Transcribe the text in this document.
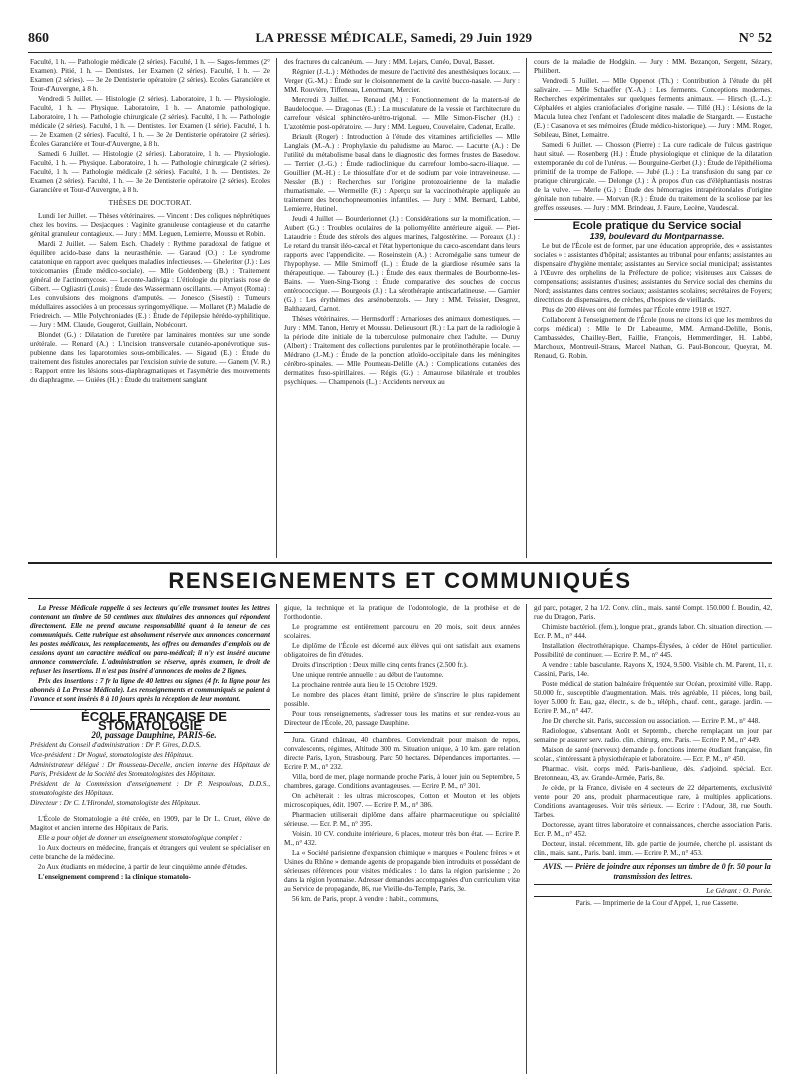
860	LA PRESSE MÉDICALE, Samedi, 29 Juin 1929	N° 52

Faculté, 1 h. — Pathologie médicale (2 séries). Faculté, 1 h. — Sages-femmes (2° Examen). Pitié, 1 h. — Dentistes. 1er Examen (2 séries). Faculté, 1 h. — 2e Examen (2 séries). — 3e 2e Dentisterie opératoire (2 séries). Ecoles Garancière et Tour-d'Auvergne, à 8 h.

Vendredi 5 Juillet. — Histologie (2 séries). Laboratoire, 1 h. — Physiologie. Faculté, 1 h. — Physique. Laboratoire, 1 h. — Anatomie pathologique. Laboratoire, 1 h. — Pathologie chirurgicale (2 séries). Faculté, 1 h. — Pathologie médicale (2 séries). Faculté, 1 h. — Dentistes. 1er Examen (1 série). Faculté, 1 h. — 2e Examen (2 séries). Faculté, 1 h. — 3e 2e Dentisterie opératoire (2 séries). Écoles Garancière et Tour-d'Auvergne, à 8 h.

Samedi 6 Juillet. — Histologie (2 séries). Laboratoire, 1 h. — Physiologie. Faculté, 1 h. — Physique. Laboratoire, 1 h. — Pathologie chirurgicale (2 séries). Faculté, 1 h. — Pathologie médicale (2 séries). Faculté, 1 h. — Dentistes. 2e Examen (2 séries). Faculté, 1 h. — 3e 2e Dentisterie opératoire (2 séries). Ecoles Garancière et Tour-d'Auvergne, à 8 h.

THÈSES DE DOCTORAT.

Lundi 1er Juillet. — Thèses vétérinaires. — Vincent : Des coliques néphrétiques chez les bovins. — Desjacques : Vaginite granuleuse contagieuse et du catarrhe génital granuleur contagieux. — Jury : MM. Leguen, Lemierre, Moussu et Robin.

Mardi 2 Juillet. — Salem Esch. Chadely : Rythme paradoxal de fatigue et équilibre acido-base dans la neurasthénie. — Garaud (O.) : Le syndrome catatonique en rapport avec quelques maladies infectieuses. — Gheleriter (J.) : Les toxicomanies (Étude médico-sociale). — Mlle Goldenberg (B.) : Traitement général de l'actinomycose. — Leconte-Jadiviga : L'étiologie du pityriasis rose de Gibert. — Ogliastri (Louis) : Étude des Wassermann oscillants. — Amyot (Roma) : Les convulsions des moignons d'amputés. — Jonesco (Sisesti) : Tumeurs médullaires associées à un processus syringomyélique. — Mollaret (P.) Maladie de Friedreich. — Mlle Polychroniades (E.) : Étude de l'épilepsie hérédo-syphilitique. — Jury : MM. Claude, Gougerot, Guillain, Nobécourt.

Blondet (G.) : Dilatation de l'uretère par laminaires montées sur une sonde urétérale. — Renard (A.) : L'incision transversale cutanéo-aponévrotique sus-pubienne dans les laparotomies sous-ombilicales. — Sigaud (E.) : Étude du traitement des fistules anorectales par l'excision suivie de suture. — Ganem (V. R.) : Rapport entre les lésions sous-diaphragmatiques et l'asymétrie des mouvements du diaphragme. — Guiées (H.) : Étude du traitement sanglant

des fractures du calcanéum. — Jury : MM. Lejars, Cunéo, Duval, Basset.

Régnier (J.-L.) : Méthodes de mesure de l'activité des anesthésiques locaux. — Verger (G.-M.) : Étude sur le cloisonnement de la cavité bucco-nasale. — Jury : MM. Rouvière, Tiffeneau, Lenormant, Mercier.

Mercredi 3 Juillet. — Renaud (M.) : Fonctionnement de la matern-té de Baudelocque. — Dragonas (E.) : La musculature de la vessie et l'architecture du carrefour vésical sphinctéro-urétro-trigonal. — Mlle Simon-Fischer (H.) : L'azotémie post-opératoire. — Jury : MM. Legueu, Couvelaire, Cadenat, Ecalle.

Briault (Roger) : Introduction à l'étude des vitamines artificielles — Mlle Langlais (M.-A.) : Prophylaxie du paludisme au Maroc. — Lacurte (A.) : De l'utilité du métabolisme basal dans le diagnostic des formes frustes de Basedow. — Terrier (J.-G.) : Étude radioclinique du carrefour lombo-sacro-iliaque. — Gouillier (M.-H.) : Le thiosulfate d'or et de sodium par voie intraveineuse. — Nessler (B.) : Recherches sur l'origine protozoairienne de la maladie rhumatismale. — Wermeille (F.) : Aperçu sur la vaccinothérapie appliquée au traitement des bronchopneumonies infantiles. — Jury : MM. Bernard, Labbé, Lemierre, Hutinel.

Jeudi 4 Juillet — Bourderionnet (J.) : Considérations sur la momification. — Aubert (G.) : Troubles oculaires de la poliomyélite antérieure aiguë. — Piet-Lataudrie : Étude des stérols des algues marines, l'algostérine. — Poreaux (J.) : Le retard du transit iléo-cæcal et l'état hypertonique du cæco-ascendant dans leurs rapports avec l'appendicite. — Roseinstein (A.) : Acromégalie sans tumeur de l'hypophyse. — Mlle Smirnoff (L.) : Étude de la giardiose résumée sans la thérapeutique. — Tabourey (L.) : Étude des eaux thermales de Bourbonne-les-Bains. — Yuen-Sing-Tsong : Étude comparative des souches de coccus entérococcique. — Bourgeois (J.) : La sérothérapie antiscarlatineuse. — Garnier (G.) : Les érythèmes des arsénobenzols. — Jury : MM. Teissier, Desgrez, Balthazard, Carnot.

Thèses vétérinaires. — Hermsdorff : Arnarioses des animaux domestiques. — Jury : MM. Tanon, Henry et Moussu. Delieusourt (R.) : La part de la radiologie à la période dite initiale de la tuberculose pulmonaire chez l'adulte. — Duruy (Albert) : Traitement des collections purulentes par le protéinothérapie locale. — Médrano (J.-M.) : Étude de la ponction atloïdo-occipitale dans les méningites cérébro-spinales. — Mlle Poumeau-Delille (A.) : Complications cutanées des dermatites fuso-spirillaires. — Régis (G.) : Amaurose bilatérale et troubles psychiques. — Champenois (L.) : Accidents nerveux au

cours de la maladie de Hodgkin. — Jury : MM. Bezançon, Sergent, Sézary, Philibert.

Vendredi 5 Juillet. — Mlle Oppenot (Th.) : Contribution à l'étude du pH salivaire. — Mlle Schaeffer (Y.-A.) : Les ferments. Conceptions modernes. Recherches expérimentales sur quelques ferments animaux. — Hirsch (L.-L.): Céphalées et algies craniofaciales d'origine nasale. — Tillé (H.) : Lésions de la Macula lutea chez l'enfant et l'adolescent dites maladie de Stargardt. — Eustache (E.) : Casanova et ses mémoires (Étude médico-historique). — Jury : MM. Roger, Sebileau, Binet, Lemaitre.

Samedi 6 Juillet. — Chosson (Pierre) : La cure radicale de l'ulcus gastrique haut situé. — Rosenberg (H.) : Étude physiologique et clinique de la dilatation extemporanée du col de l'utérus. — Bourguine-Gerbet (J.) : Étude de l'épithélioma primitif de la trompe de Fallope. — Jubé (L.) : La transfusion du sang par ce pratique chirurgicale. — Delonge (J.) : À propos d'un cas d'éléphantiasis nostras de la vulve. — Merle (G.) : Étude des hémorragies intrapéritonéales d'origine génitale non tubaire. — Morvan (R.) : Étude du traitement de la scoliose par les greffes osseuses. — Jury : MM. Brindeau, J. Faure, Lecène, Vaudescal.

Ecole pratique du Service social

139, boulevard du Montparnasse.

Le but de l'École est de former, par une éducation appropriée, des « assistantes sociales » : assistantes d'hôpital; assistantes au tribunal pour enfants; assistantes au dispensaire d'hygiène mentale; assistantes au Service social municipal; assistantes à l'Œuvre des orphelins de la Préfecture de police; visiteuses aux Caisses de compensations; assistantes d'usines; assistantes du Service social des chemins du Nord; assistantes dans centres sociaux; assistantes scolaires; secrétaires de Foyers; directrices de dispensaires, de crèches, d'hospices de vieillards.

Plus de 200 élèves ont été formées par l'École entre 1918 et 1927.

Collaborent à l'enseignement de l'École (nous ne citons ici que les membres du corps médical) : Mlle le Dr Labeaume, MM. Armand-Delille, Bonis, Cambassèdes, Chailley-Bert, Faillie, François, Hemmerdinger, H. Labbé, Marchoux, Montreuil-Straus, Marcel Nathan, G. Paul-Boncour, Queyrat, M. Renaud, G. Robin.

RENSEIGNEMENTS ET COMMUNIQUÉS

La Presse Médicale rappelle à ses lecteurs qu'elle transmet toutes les lettres contenant un timbre de 50 centimes aux titulaires des annonces qui répondent directement. Elle ne prend aucune responsabilité quant à la teneur de ces communiqués. Cette rubrique est absolument réservée aux annonces concernant les postes médicaux, les remplacements, les offres ou demandes d'emplois ou de cessions ayant un caractère médical ou para-médical; il n'y est inséré aucune annonce commerciale. L'administration se réserve, après examen, le droit de refuser les insertions. Il n'est pas inséré d'annonces de moins de 2 lignes.

Prix des insertions : 7 fr la ligne de 40 lettres ou signes (4 fr. la ligne pour les abonnés à La Presse Médicale). Les renseignements et communiqués se paient à l'avance et sont insérés 8 à 10 jours après la réception de leur montant.

ÉCOLE FRANÇAISE DE STOMATOLOGIE

20, passage Dauphine, PARIS-6e.

Président du Conseil d'administration : Dr P. Gires, D.D.S.

Vice-président : Dr Nogué, stomatologiste des Hôpitaux.

Administrateur délégué : Dr Rousseau-Decelle, ancien interne des Hôpitaux de Paris, Président de la Société des Stomatologistes des Hôpitaux.

Président de la Commission d'enseignement : Dr P. Nespoulous, D.D.S., stomatologiste des Hôpitaux.

Directeur : Dr C. L'Hirondel, stomatologiste des Hôpitaux.

L'École de Stomatologie a été créée, en 1909, par le Dr L. Cruet, élève de Magitot et ancien interne des Hôpitaux de Paris.

Elle a pour objet de donner un enseignement stomatologique complet :

1o Aux docteurs en médecine, français et étrangers qui veulent se spécialiser en cette branche de la médecine.

2o Aux étudiants en médecine, à partir de leur cinquième année d'études.

L'enseignement comprend : la clinique stomatolo-

gique, la technique et la pratique de l'odontologie, de la prothèse et de l'orthodontie.

Le programme est entièrement parcouru en 20 mois, soit deux années scolaires.

Le diplôme de l'École est décerné aux élèves qui ont satisfait aux examens obligatoires de fin d'études.

Droits d'inscription : Deux mille cinq cents francs (2.500 fr.).

Une unique rentrée annuelle : au début de l'automne.

La prochaine rentrée aura lieu le 15 Octobre 1929.

Le nombre des places étant limité, prière de s'inscrire le plus rapidement possible.

Pour tous renseignements, s'adresser tous les matins et sur rendez-vous au Directeur de l'École, 20, passage Dauphine.

Jura. Grand château, 40 chambres. Conviendrait pour maison de repos, convalescents, régimes, Altitude 300 m. Situation unique, à 10 km. gare relation directe Paris, Lyon, Strasbourg. Parc 50 hectares. Dépendances importantes. — Ecrire P. M., n° 232.

Villa, bord de mer, plage normande proche Paris, à louer juin ou Septembre, 5 chambres, garage. Conditions avantageuses. — Ecrire P. M., n° 301.

On achèterait : les ultras microscopes, Cotton et Mouton et les objets microscopiques, édit. 1907. — Ecrire P. M., n° 386.

Pharmacien utiliserait diplôme dans affaire pharmaceutique ou spécialité sérieuse. — Ecr. P. M., n° 395.

Voisin. 10 CV. conduite intérieure, 6 places, moteur très bon état. — Ecrire P. M., n° 432.

La « Société parisienne d'expansion chimique » marques « Poulenc frères » et Usines du Rhône » demande agents de propagande bien introduits et possédant de sérieuses références pour visites médicales : 1o dans la région parisienne ; 2o dans la région lyonnaise. Adresser demandes accompagnées d'un curriculum vitæ au Service de propagande, 86, rue Vieille-du-Temple, Paris, 3e.

56 km. de Paris, propr. à vendre : habit., communs,

gd parc, potager, 2 ha 1/2. Conv. clin., mais. santé Compt. 150.000 f. Boudin, 42, rue du Dragon, Paris.

Chimiste bactériol. (fem.), longue prat., grands labor. Ch. situation direction. — Ecr. P. M., n° 444.

Installation électrothérapique. Champs-Élysées, à céder de Hôtel particulier. Possibilité de continuer. — Ecrire P. M., n° 445.

A vendre : table basculante. Rayons X, 1924, 9.500. Visible ch. M. Parent, 11, r. Cassini, Paris, 14e.

Poste médical de station balnéaire fréquentée sur Océan, proximité ville. Rapp. 50.000 fr., susceptible d'augmentation. Mais. très agréable, 11 pièces, long bail, loyer 5.000 fr. Eau, gaz, électr., s. de b., téléph., chauf. cent., garage. jardin. — Ecrire P. M., n° 447.

Jne Dr cherche sit. Paris, succession ou association. — Ecrire P. M., n° 448.

Radiologue, s'absentant Août et Septemb., cherche remplaçant un jour par semaine pr assurer serv. radio. clin. chirurg. env. Paris. — Ecrire P. M., n° 449.

Maison de santé (nerveux) demande p. fonctions interne étudiant française, fin scolar., s'intéressant à physiothérapie et laboratoire. — Ecr. P. M., n° 450.

Pharmac. visit. corps méd. Paris-banlieue, dés. s'adjoind. spécial. Ecr. Bretonneau, 43, av. Grande-Armée, Paris, 8e.

Je cède, pr la France, divisée en 4 secteurs de 22 départements, exclusivité vente pour 20 ans, produit pharmaceutique rare, à multiples applications. Conditions avantageuses. Voir très sérieux. — Ecrire : l'Adour, 38, rue South. Tarbes.

Doctoresse, ayant titres laboratoire et connaissances, cherche association Paris. Ecr. P. M., n° 452.

Docteur, instal. récemment, lib. gde partie de journée, cherche pl. assistant ds clin., mais. sant., Paris. banl. imm. — Ecrire P. M., n° 453.

AVIS. — Prière de joindre aux réponses un timbre de 0 fr. 50 pour la transmission des lettres.

Le Gérant : O. Porée.

Paris. — Imprimerie de la Cour d'Appel, 1, rue Cassette.
